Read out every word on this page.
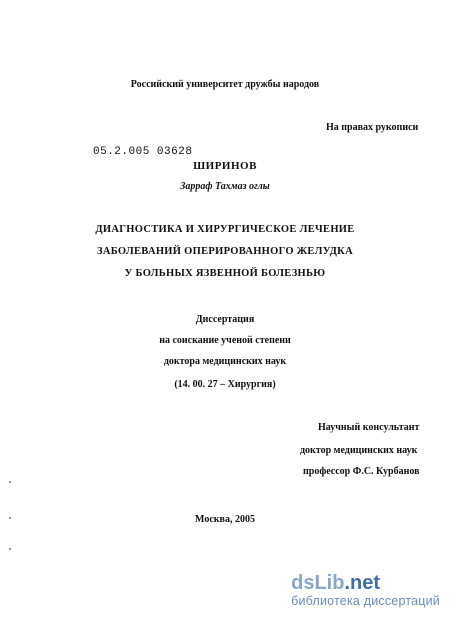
Российский университет дружбы народов
На правах рукописи
05.2.005 03628
ШИРИНОВ
Зарраф Тахмаз оглы
ДИАГНОСТИКА И ХИРУРГИЧЕСКОЕ ЛЕЧЕНИЕ
ЗАБОЛЕВАНИЙ ОПЕРИРОВАННОГО ЖЕЛУДКА
У БОЛЬНЫХ ЯЗВЕННОЙ БОЛЕЗНЬЮ
Диссертация
на соискание ученой степени
доктора медицинских наук
(14. 00. 27 – Хирургия)
Научный консультант
доктор медицинских наук
профессор Ф.С. Курбанов
Москва, 2005
dsLib.net
библиотека диссертаций
